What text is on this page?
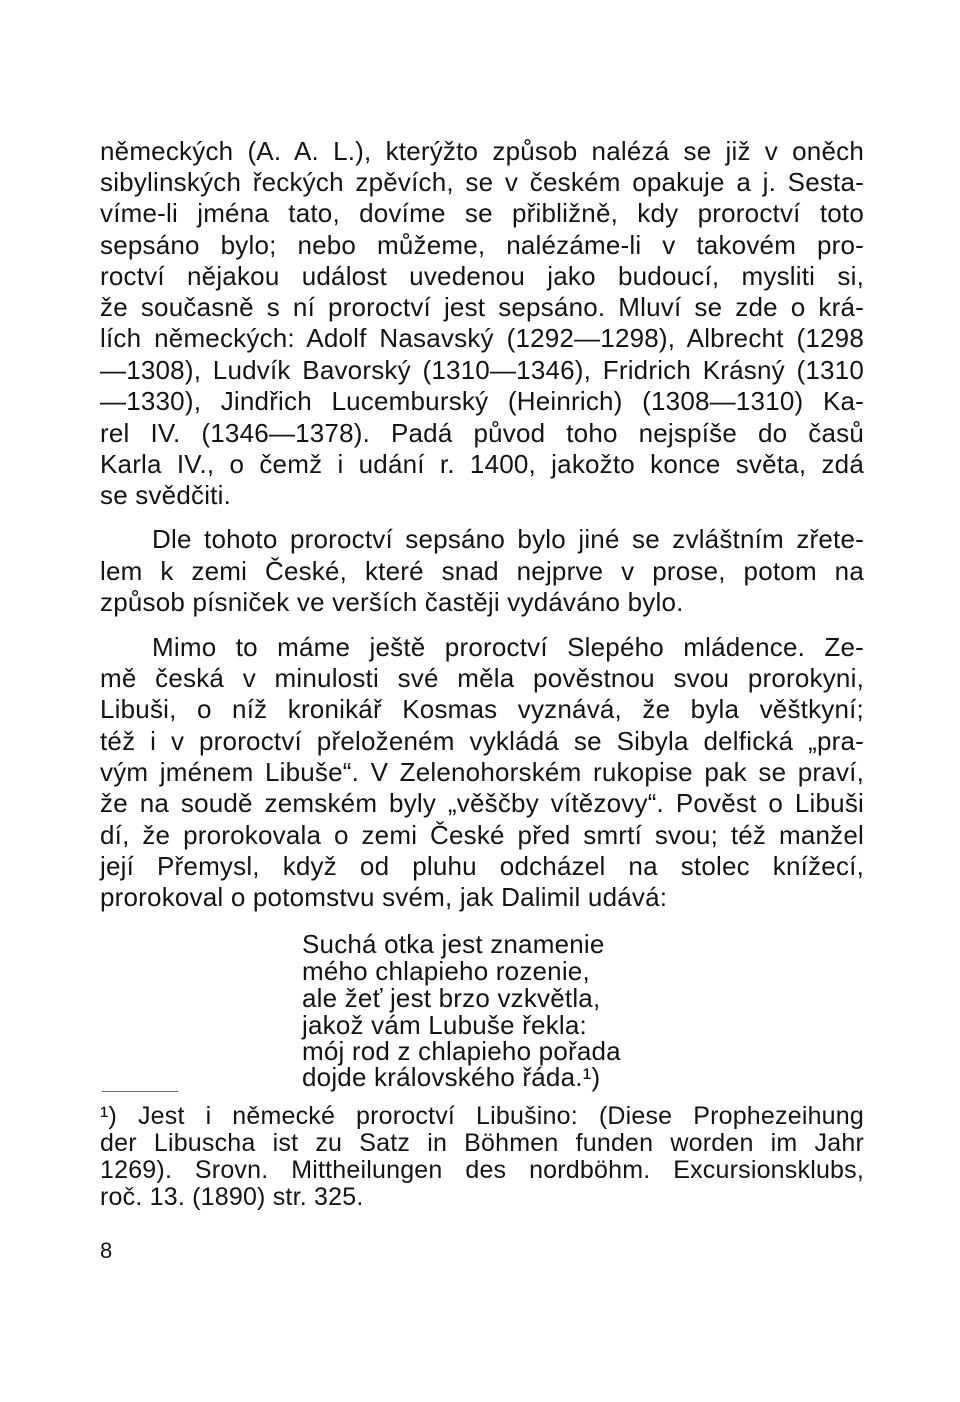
německých (A. A. L.), kterýžto způsob nalézá se již v oněch
sibylinských řeckých zpěvích, se v českém opakuje a j. Sesta-
víme-li jména tato, dovíme se přibližně, kdy proroctví toto
sepsáno bylo; nebo můžeme, nalézáme-li v takovém pro-
roctví nějakou událost uvedenou jako budoucí, mysliti si,
že současně s ní proroctví jest sepsáno. Mluví se zde o krá-
lích německých: Adolf Nasavský (1292—1298), Albrecht (1298
—1308), Ludvík Bavorský (1310—1346), Fridrich Krásný (1310
—1330), Jindřich Lucemburský (Heinrich) (1308—1310) Ka-
rel IV. (1346—1378). Padá původ toho nejspíše do časů
Karla IV., o čemž i udání r. 1400, jakožto konce světa, zdá
se svědčiti.
Dle tohoto proroctví sepsáno bylo jiné se zvláštním zřete-
lem k zemi České, které snad nejprve v prose, potom na
způsob písniček ve verších častěji vydáváno bylo.
Mimo to máme ještě proroctví Slepého mládence. Ze-
mě česká v minulosti své měla pověstnou svou prorokyni,
Libuši, o níž kronikář Kosmas vyznává, že byla věštkyní;
též i v proroctví přeloženém vykládá se Sibyla delfická „pra-
vým jménem Libuše“. V Zelenohorském rukopise pak se praví,
že na soudě zemském byly „věščby vítězovy“. Pověst o Libuši
dí, že prorokovala o zemi České před smrtí svou; též manžel
její Přemysl, když od pluhu odcházel na stolec knížecí,
prorokoval o potomstvu svém, jak Dalimil udává:
Suchá otka jest znamenie
mého chlapieho rozenie,
ale žeť jest brzo vzkvětla,
jakož vám Lubuše řekla:
mój rod z chlapieho pořada
dojde královského řáda.¹)
¹) Jest i německé proroctví Libušino: (Diese Prophezeihung
der Libuscha ist zu Satz in Böhmen funden worden im Jahr
1269). Srovn. Mittheilungen des nordböhm. Excursionsklubs,
roč. 13. (1890) str. 325.
8
